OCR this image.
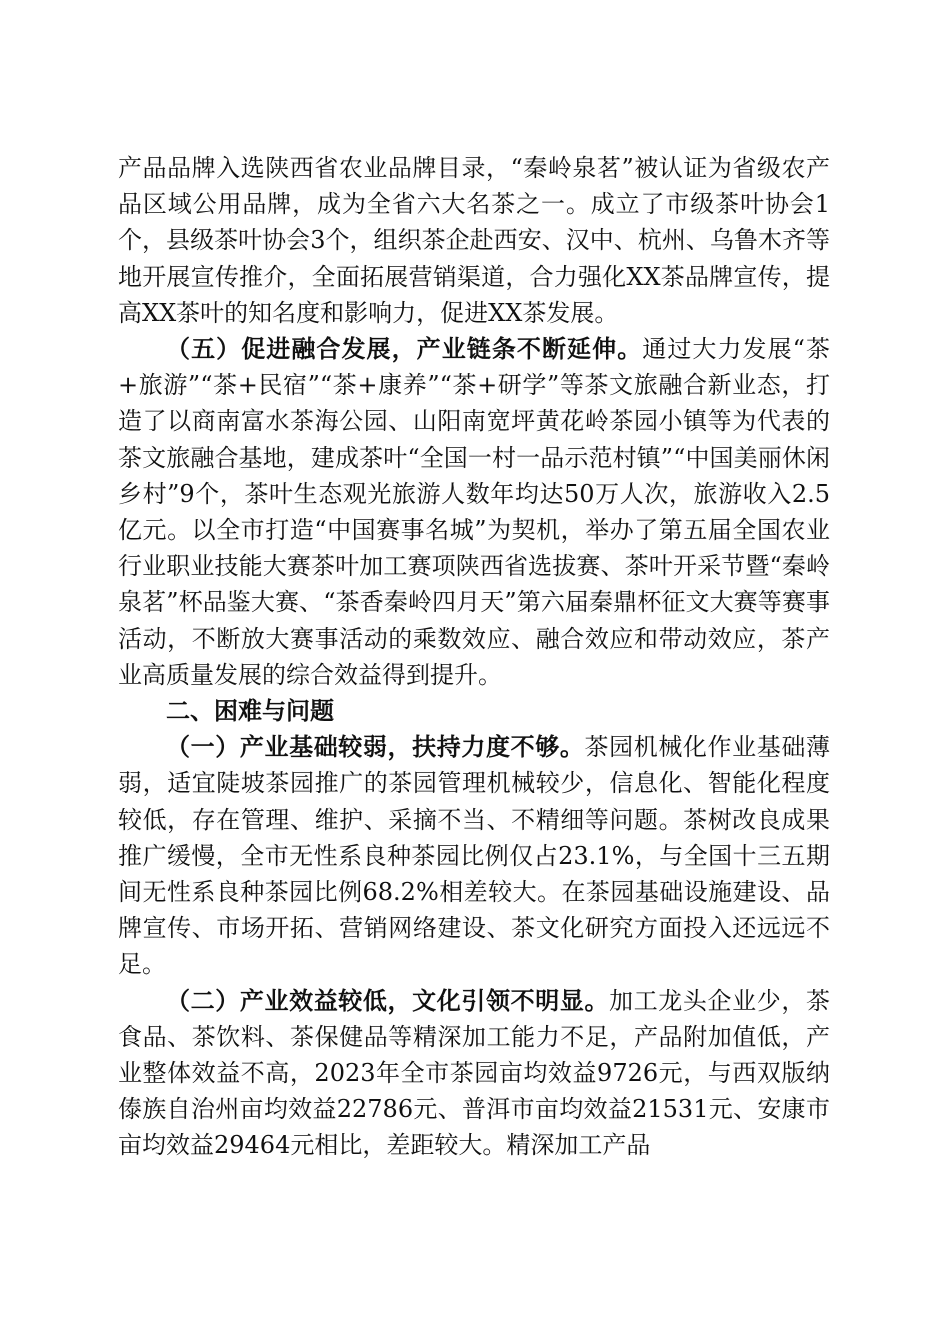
产品品牌入选陕西省农业品牌目录，“秦岭泉茗”被认证为省级农产品区域公用品牌，成为全省六大名茶之一。成立了市级茶叶协会1个，县级茶叶协会3个，组织茶企赴西安、汉中、杭州、乌鲁木齐等地开展宣传推介，全面拓展营销渠道，合力强化XX茶品牌宣传，提高XX茶叶的知名度和影响力，促进XX茶发展。

（五）促进融合发展，产业链条不断延伸。通过大力发展“茶+旅游”“茶+民宿”“茶+康养”“茶+研学”等茶文旅融合新业态，打造了以商南富水茶海公园、山阳南宽坪黄花岭茶园小镇等为代表的茶文旅融合基地，建成茶叶“全国一村一品示范村镇”“中国美丽休闲乡村”9个，茶叶生态观光旅游人数年均达50万人次，旅游收入2.5亿元。以全市打造“中国赛事名城”为契机，举办了第五届全国农业行业职业技能大赛茶叶加工赛项陕西省选拔赛、茶叶开采节暨“秦岭泉茗”杯品鉴大赛、“茶香秦岭四月天”第六届秦鼎杯征文大赛等赛事活动，不断放大赛事活动的乘数效应、融合效应和带动效应，茶产业高质量发展的综合效益得到提升。

二、困难与问题

（一）产业基础较弱，扶持力度不够。茶园机械化作业基础薄弱，适宜陡坡茶园推广的茶园管理机械较少，信息化、智能化程度较低，存在管理、维护、采摘不当、不精细等问题。茶树改良成果推广缓慢，全市无性系良种茶园比例仅占23.1%，与全国十三五期间无性系良种茶园比例68.2%相差较大。在茶园基础设施建设、品牌宣传、市场开拓、营销网络建设、茶文化研究方面投入还远远不足。

（二）产业效益较低，文化引领不明显。加工龙头企业少，茶食品、茶饮料、茶保健品等精深加工能力不足，产品附加值低，产业整体效益不高，2023年全市茶园亩均效益9726元，与西双版纳傣族自治州亩均效益22786元、普洱市亩均效益21531元、安康市亩均效益29464元相比，差距较大。精深加工产品
